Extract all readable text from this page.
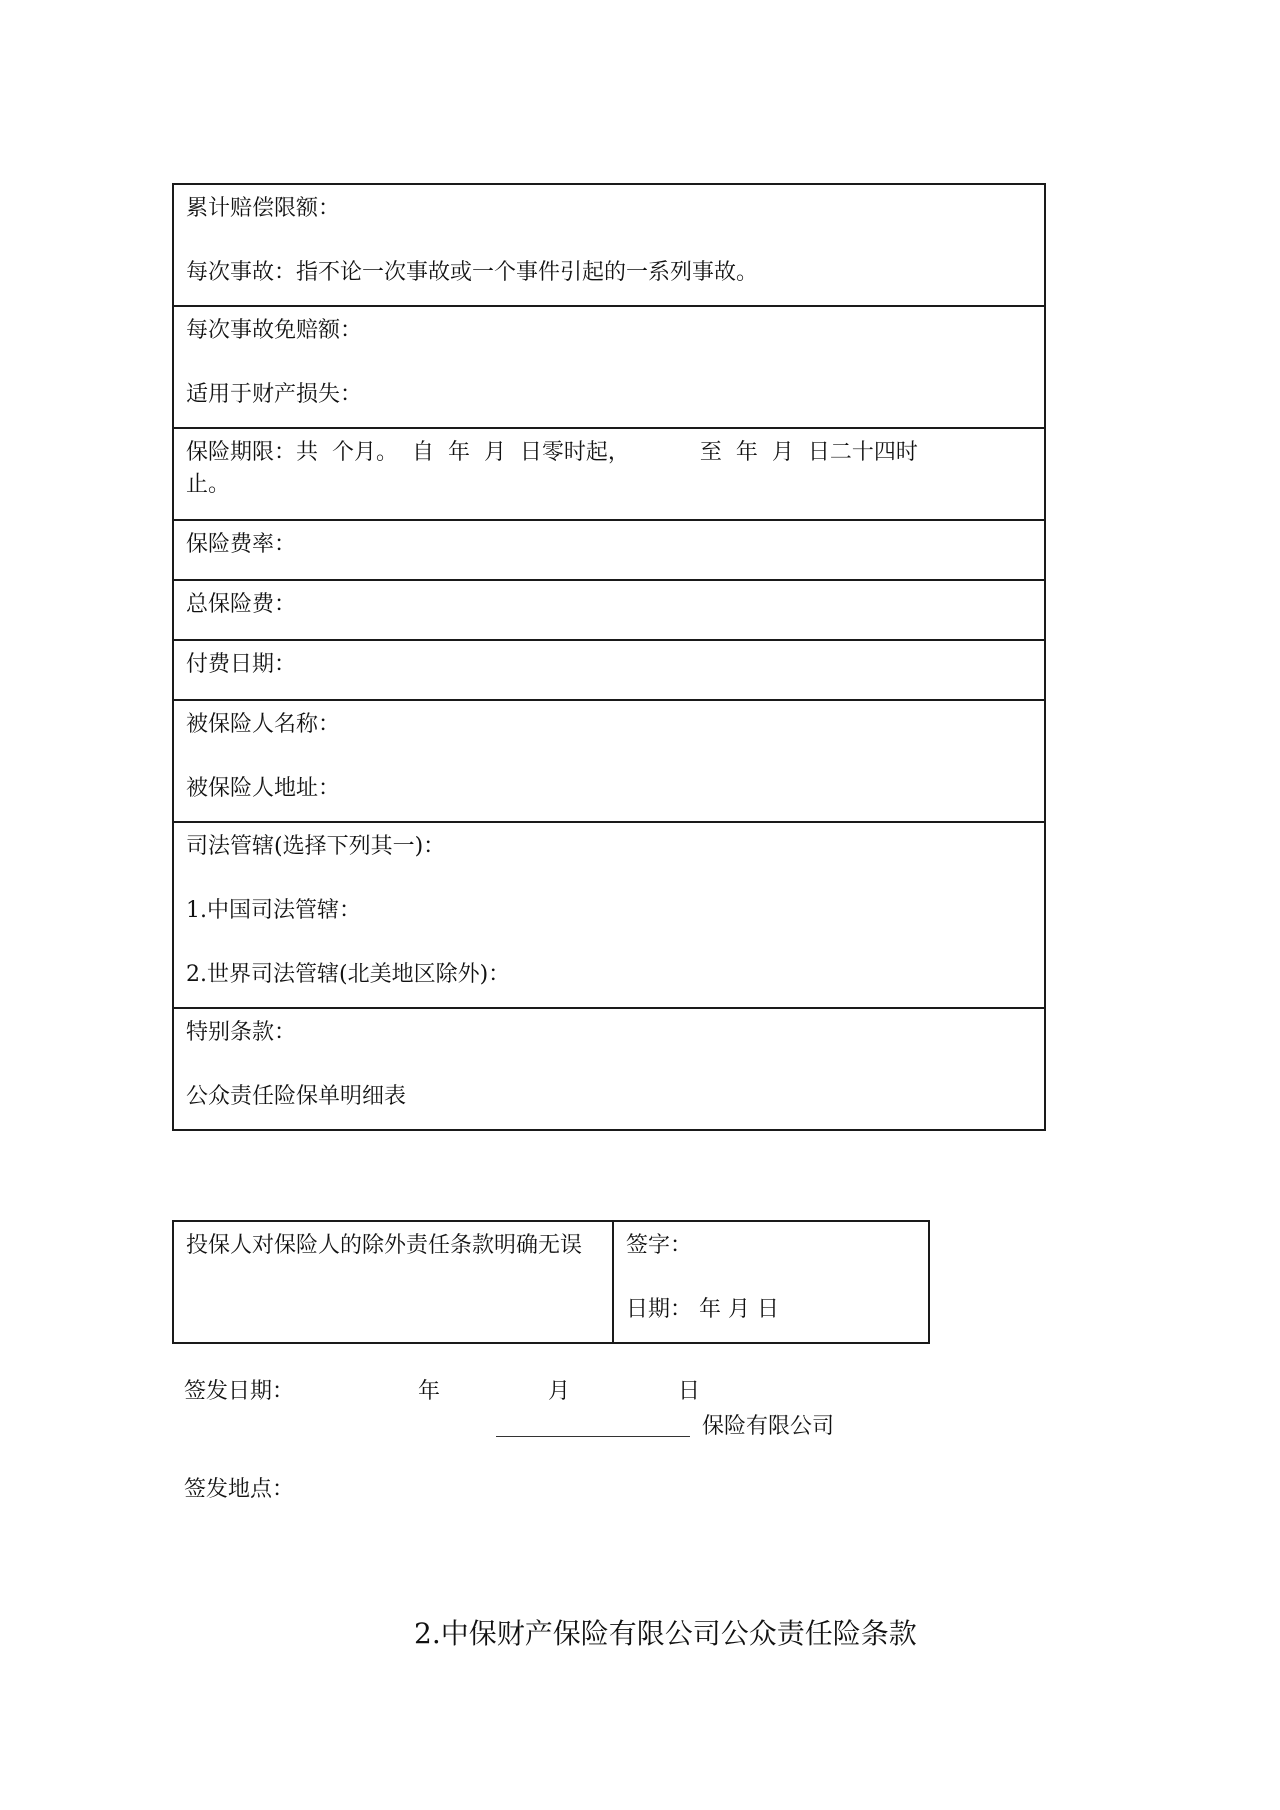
累计赔偿限额：

每次事故：指不论一次事故或一个事件引起的一系列事故。

每次事故免赔额：

适用于财产损失：

保险期限：共  个月。  自  年  月  日零时起，          至  年  月  日二十四时
止。

保险费率：
总保险费：
付费日期：

被保险人名称：

被保险人地址：

司法管辖(选择下列其一)：

1.中国司法管辖：

2.世界司法管辖(北美地区除外)：

特别条款：

公众责任险保单明细表

投保人对保险人的除外责任条款明确无误	签字：

日期： 年 月 日

签发日期：	年	月	日
保险有限公司
签发地点：
2.中保财产保险有限公司公众责任险条款
